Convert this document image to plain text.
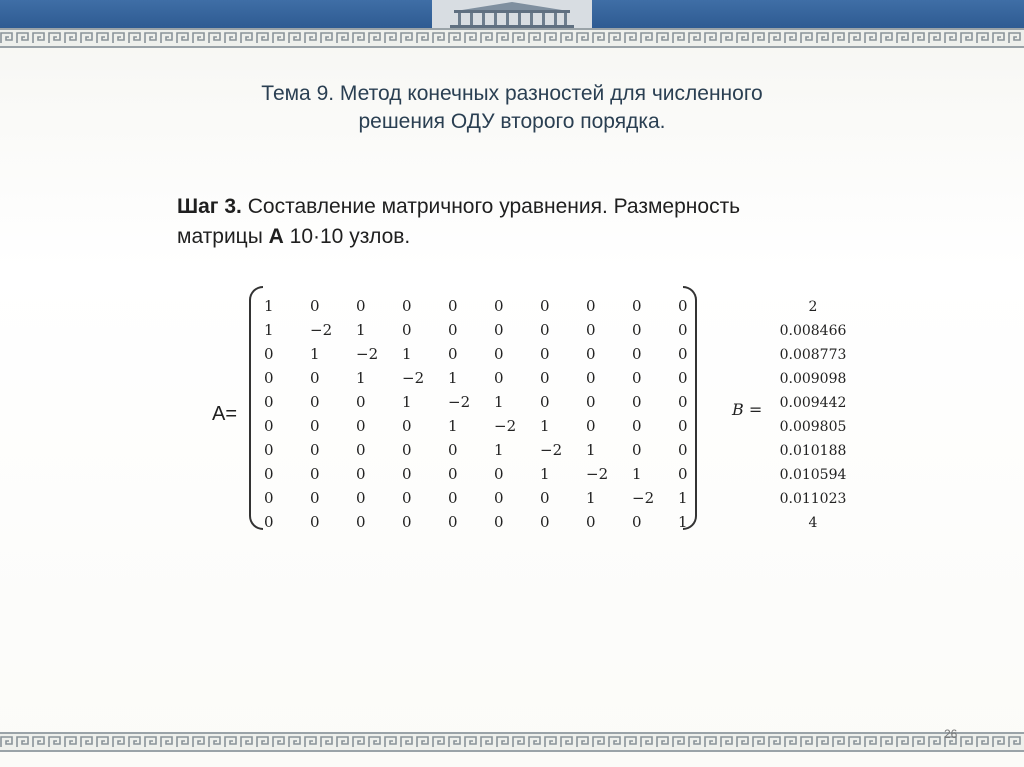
Тема 9. Метод конечных разностей для численного
решения ОДУ второго порядка.
Шаг 3. Составление матричного уравнения. Размерность
матрицы A 10·10 узлов.
A=
1	0	0	0	0	0	0	0	0	0
1	−2	1	0	0	0	0	0	0	0
0	1	−2	1	0	0	0	0	0	0
0	0	1	−2	1	0	0	0	0	0
0	0	0	1	−2	1	0	0	0	0
0	0	0	0	1	−2	1	0	0	0
0	0	0	0	0	1	−2	1	0	0
0	0	0	0	0	0	1	−2	1	0
0	0	0	0	0	0	0	1	−2	1
0	0	0	0	0	0	0	0	0	1
B =
2
0.008466
0.008773
0.009098
0.009442
0.009805
0.010188
0.010594
0.011023
4
26
